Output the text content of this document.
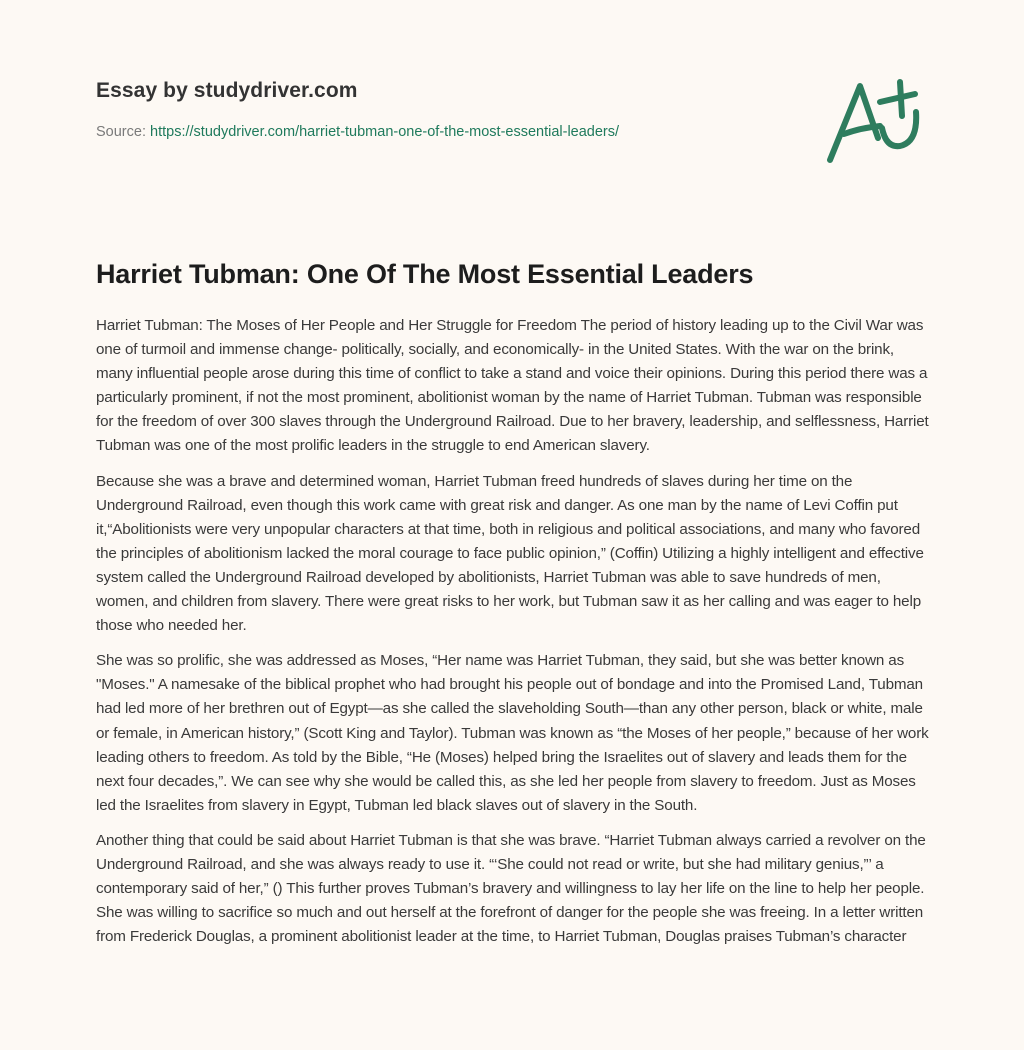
Essay by studydriver.com
Source: https://studydriver.com/harriet-tubman-one-of-the-most-essential-leaders/
Harriet Tubman: One Of The Most Essential Leaders

Harriet Tubman: The Moses of Her People and Her Struggle for Freedom The period of history leading up to the Civil War was one of turmoil and immense change- politically, socially, and economically- in the United States. With the war on the brink, many influential people arose during this time of conflict to take a stand and voice their opinions. During this period there was a particularly prominent, if not the most prominent, abolitionist woman by the name of Harriet Tubman. Tubman was responsible for the freedom of over 300 slaves through the Underground Railroad. Due to her bravery, leadership, and selflessness, Harriet Tubman was one of the most prolific leaders in the struggle to end American slavery.

Because she was a brave and determined woman, Harriet Tubman freed hundreds of slaves during her time on the Underground Railroad, even though this work came with great risk and danger. As one man by the name of Levi Coffin put it,“Abolitionists were very unpopular characters at that time, both in religious and political associations, and many who favored the principles of abolitionism lacked the moral courage to face public opinion,” (Coffin) Utilizing a highly intelligent and effective system called the Underground Railroad developed by abolitionists, Harriet Tubman was able to save hundreds of men, women, and children from slavery. There were great risks to her work, but Tubman saw it as her calling and was eager to help those who needed her.

She was so prolific, she was addressed as Moses, “Her name was Harriet Tubman, they said, but she was better known as "Moses." A namesake of the biblical prophet who had brought his people out of bondage and into the Promised Land, Tubman had led more of her brethren out of Egypt—as she called the slaveholding South—than any other person, black or white, male or female, in American history,” (Scott King and Taylor). Tubman was known as “the Moses of her people,” because of her work leading others to freedom. As told by the Bible, “He (Moses) helped bring the Israelites out of slavery and leads them for the next four decades,”. We can see why she would be called this, as she led her people from slavery to freedom. Just as Moses led the Israelites from slavery in Egypt, Tubman led black slaves out of slavery in the South.

Another thing that could be said about Harriet Tubman is that she was brave. “Harriet Tubman always carried a revolver on the Underground Railroad, and she was always ready to use it. “‘She could not read or write, but she had military genius,”’ a contemporary said of her,” () This further proves Tubman’s bravery and willingness to lay her life on the line to help her people. She was willing to sacrifice so much and out herself at the forefront of danger for the people she was freeing. In a letter written from Frederick Douglas, a prominent abolitionist leader at the time, to Harriet Tubman, Douglas praises Tubman’s character
